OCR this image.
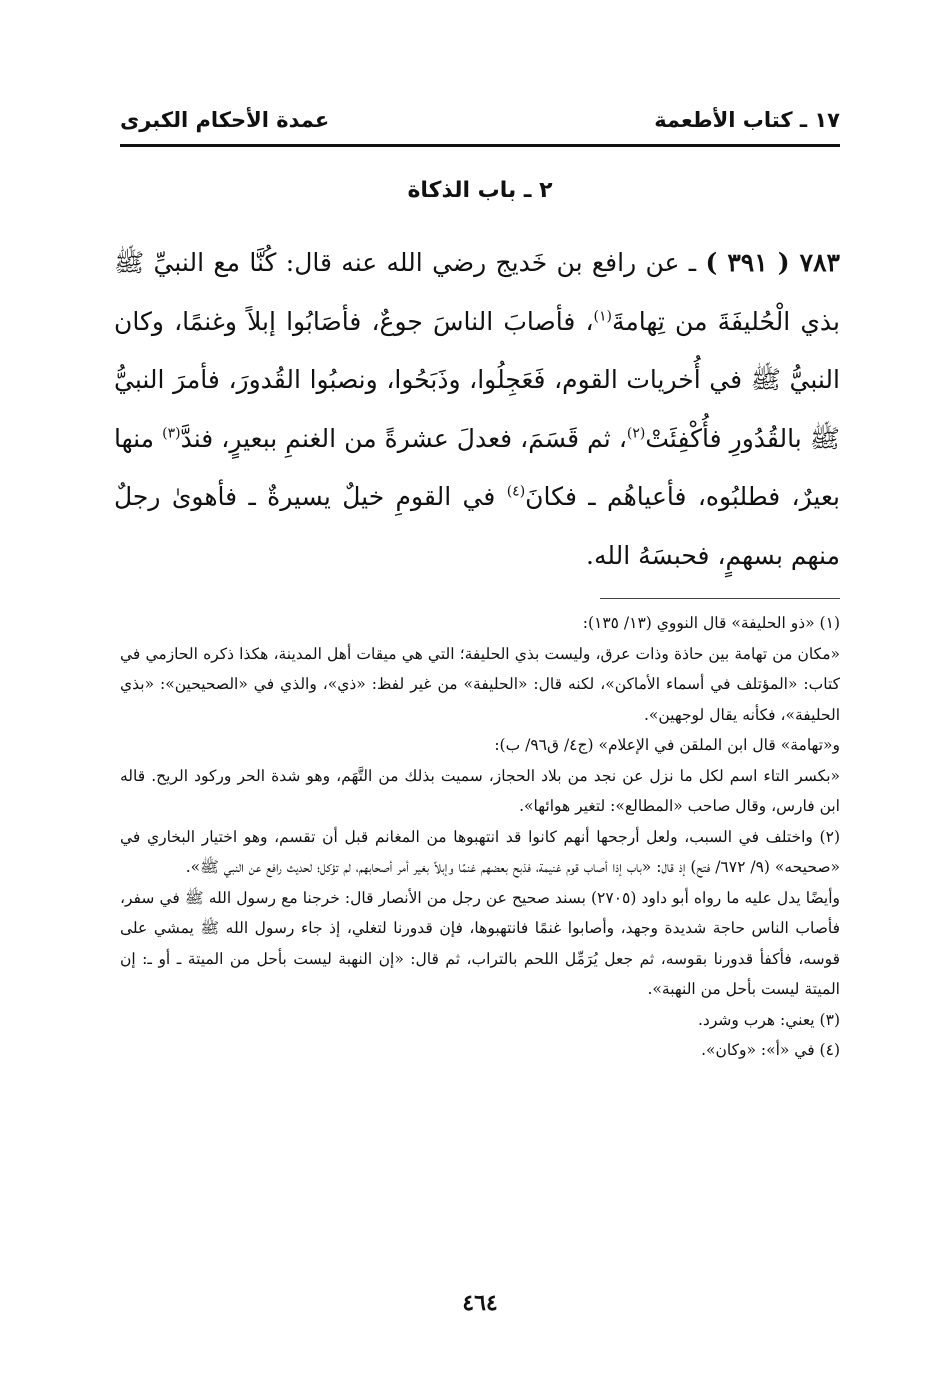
١٧ ـ كتاب الأطعمة
عمدة الأحكام الكبرى
٢ ـ باب الذكاة

٧٨٣ ( ٣٩١ ) ـ عن رافع بن خَديج رضي الله عنه قال: كُنَّا مع النبيِّ ﷺ بذي الْحُليفَةَ من تِهامةَ$^{(١)}$، فأصابَ الناسَ جوعٌ، فأصَابُوا إبلاً وغنمًا، وكان النبيُّ ﷺ في أُخريات القوم، فَعَجِلُوا، وذَبَحُوا، ونصبُوا القُدورَ، فأمرَ النبيُّ ﷺ بالقُدُورِ فأُكْفِئَتْ$^{(٢)}$، ثم قَسَمَ، فعدلَ عشرةً من الغنمِ ببعيرٍ، فندَّ$^{(٣)}$ منها بعيرٌ، فطلبُوه، فأعياهُم ـ فكانَ$^{(٤)}$ في القومِ خيلٌ يسيرةٌ ـ فأهوىٰ رجلٌ منهم بسهمٍ، فحبسَهُ الله.

(١) «ذو الحليفة» قال النووي (١٣/ ١٣٥):

«مكان من تهامة بين حاذة وذات عرق، وليست بذي الحليفة؛ التي هي ميقات أهل المدينة، هكذا ذكره الحازمي في كتاب: «المؤتلف في أسماء الأماكن»، لكنه قال: «الحليفة» من غير لفظ: «ذي»، والذي في «الصحيحين»: «بذي الحليفة»، فكأنه يقال لوجهين».

و«تهامة» قال ابن الملقن في الإعلام» (ج٤/ ق٩٦/ ب):

«بكسر التاء اسم لكل ما نزل عن نجد من بلاد الحجاز، سميت بذلك من التَّهَم، وهو شدة الحر وركود الريح. قاله ابن فارس، وقال صاحب «المطالع»: لتغير هوائها».

(٢) واختلف في السبب، ولعل أرجحها أنهم كانوا قد انتهبوها من المغانم قبل أن تقسم، وهو اختيار البخاري في «صحيحه» (٩/ ٦٧٢/ فتح) إذ قال: «باب إذا أصاب قوم غنيمة، فذبح بعضهم غنمًا وإبلاً بغير أمر أصحابهم، لم تؤكل؛ لحديث رافع عن النبي ﷺ».

وأيضًا يدل عليه ما رواه أبو داود (٢٧٠٥) بسند صحيح عن رجل من الأنصار قال: خرجنا مع رسول الله ﷺ في سفر، فأصاب الناس حاجة شديدة وجهد، وأصابوا غنمًا فانتهبوها، فإن قدورنا لتغلي، إذ جاء رسول الله ﷺ يمشي على قوسه، فأكفأ قدورنا بقوسه، ثم جعل يُرَمِّل اللحم بالتراب، ثم قال: «إن النهبة ليست بأحل من الميتة ـ أو ـ: إن الميتة ليست بأحل من النهبة».

(٣) يعني: هرب وشرد.

(٤) في «أ»: «وكان».

٤٦٤
